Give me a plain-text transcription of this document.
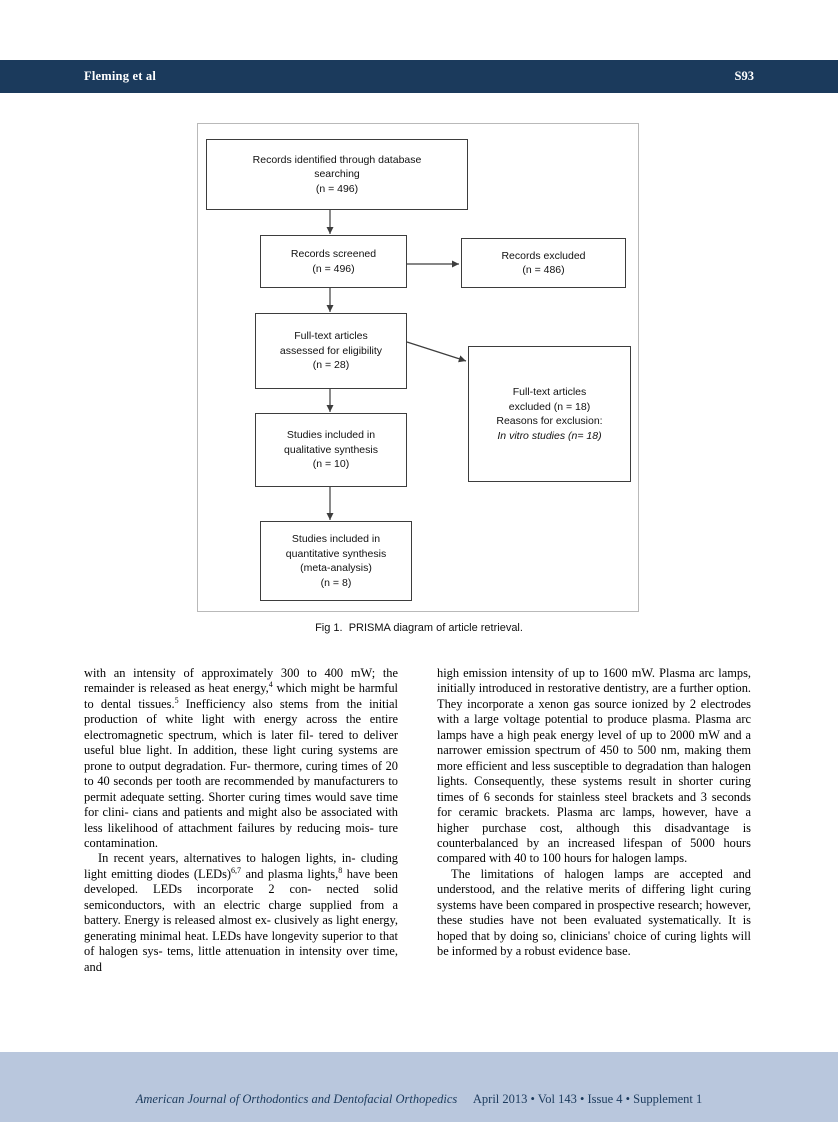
Fleming et al	S93
Records identified through database
searching
(n = 496)
Records screened
(n = 496)
Records excluded
(n = 486)
Full-text articles
assessed for eligibility
(n = 28)
Full-text articles
excluded (n = 18)
Reasons for exclusion:
In vitro studies (n= 18)
Studies included in
qualitative synthesis
(n = 10)
Studies included in
quantitative synthesis
(meta-analysis)
(n = 8)
Fig 1. PRISMA diagram of article retrieval.

with an intensity of approximately 300 to 400 mW; the remainder is released as heat energy,$^4$ which might be harmful to dental tissues.$^5$ Inefficiency also stems from the initial production of white light with energy across the entire electromagnetic spectrum, which is later fil- tered to deliver useful blue light. In addition, these light curing systems are prone to output degradation. Fur- thermore, curing times of 20 to 40 seconds per tooth are recommended by manufacturers to permit adequate setting. Shorter curing times would save time for clini- cians and patients and might also be associated with less likelihood of attachment failures by reducing mois- ture contamination.

In recent years, alternatives to halogen lights, in- cluding light emitting diodes (LEDs)$^{6,7}$ and plasma lights,$^8$ have been developed. LEDs incorporate 2 con- nected solid semiconductors, with an electric charge supplied from a battery. Energy is released almost ex- clusively as light energy, generating minimal heat. LEDs have longevity superior to that of halogen sys- tems, little attenuation in intensity over time, and

high emission intensity of up to 1600 mW. Plasma arc lamps, initially introduced in restorative dentistry, are a further option. They incorporate a xenon gas source ionized by 2 electrodes with a large voltage potential to produce plasma. Plasma arc lamps have a high peak energy level of up to 2000 mW and a narrower emission spectrum of 450 to 500 nm, making them more efficient and less susceptible to degradation than halogen lights. Consequently, these systems result in shorter curing times of 6 seconds for stainless steel brackets and 3 seconds for ceramic brackets. Plasma arc lamps, however, have a higher purchase cost, although this disadvantage is counterbalanced by an increased lifespan of 5000 hours compared with 40 to 100 hours for halogen lamps.

The limitations of halogen lamps are accepted and understood, and the relative merits of differing light curing systems have been compared in prospective research; however, these studies have not been evaluated systematically. It is hoped that by doing so, clinicians' choice of curing lights will be informed by a robust evidence base.

American Journal of Orthodontics and Dentofacial Orthopedics April 2013 • Vol 143 • Issue 4 • Supplement 1
